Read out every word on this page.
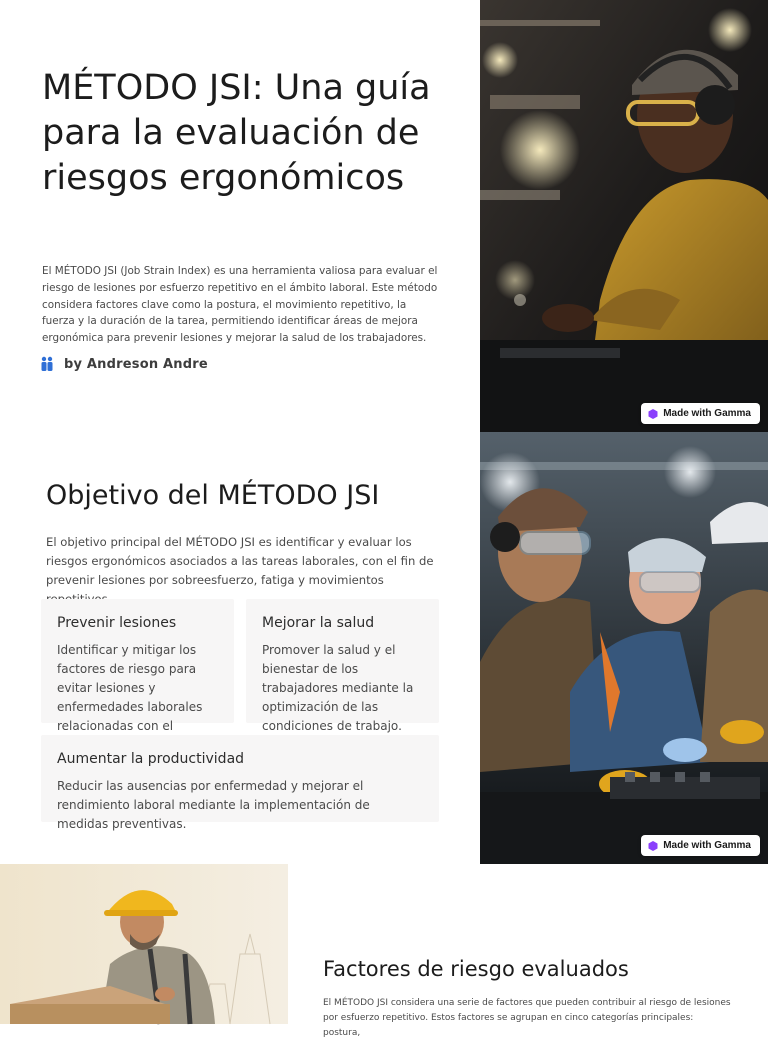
MÉTODO JSI: Una guía para la evaluación de riesgos ergonómicos

El MÉTODO JSI (Job Strain Index) es una herramienta valiosa para evaluar el riesgo de lesiones por esfuerzo repetitivo en el ámbito laboral. Este método considera factores clave como la postura, el movimiento repetitivo, la fuerza y la duración de la tarea, permitiendo identificar áreas de mejora ergonómica para prevenir lesiones y mejorar la salud de los trabajadores.

by Andreson Andre
Made with Gamma
Objetivo del MÉTODO JSI

El objetivo principal del MÉTODO JSI es identificar y evaluar los riesgos ergonómicos asociados a las tareas laborales, con el fin de prevenir lesiones por sobreesfuerzo, fatiga y movimientos

Prevenir lesiones
Identificar y mitigar los factores de riesgo para evitar lesiones y enfermedades laborales relacionadas con el
Mejorar la salud
Promover la salud y el bienestar de los trabajadores mediante la optimización de las condiciones de trabajo.
Aumentar la productividad
Reducir las ausencias por enfermedad y mejorar el rendimiento laboral mediante la implementación de medidas preventivas.
Made with Gamma
Factores de riesgo evaluados

El MÉTODO JSI considera una serie de factores que pueden contribuir al riesgo de lesiones por esfuerzo repetitivo. Estos factores se agrupan en cinco categorías principales: postura,
